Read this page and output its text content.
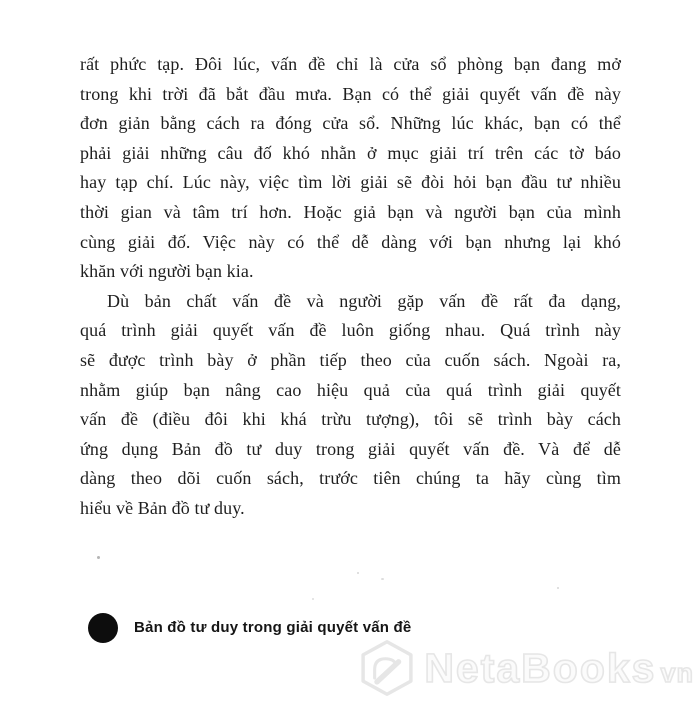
rất phức tạp. Đôi lúc, vấn đề chỉ là cửa sổ phòng bạn đang mở
trong khi trời đã bắt đầu mưa. Bạn có thể giải quyết vấn đề này
đơn giản bằng cách ra đóng cửa sổ. Những lúc khác, bạn có thể
phải giải những câu đố khó nhằn ở mục giải trí trên các tờ báo
hay tạp chí. Lúc này, việc tìm lời giải sẽ đòi hỏi bạn đầu tư nhiều
thời gian và tâm trí hơn. Hoặc giả bạn và người bạn của mình
cùng giải đố. Việc này có thể dễ dàng với bạn nhưng lại khó
khăn với người bạn kia.
Dù bản chất vấn đề và người gặp vấn đề rất đa dạng,
quá trình giải quyết vấn đề luôn giống nhau. Quá trình này
sẽ được trình bày ở phần tiếp theo của cuốn sách. Ngoài ra,
nhằm giúp bạn nâng cao hiệu quả của quá trình giải quyết
vấn đề (điều đôi khi khá trừu tượng), tôi sẽ trình bày cách
ứng dụng Bản đồ tư duy trong giải quyết vấn đề. Và để dễ
dàng theo dõi cuốn sách, trước tiên chúng ta hãy cùng tìm
hiểu về Bản đồ tư duy.
Bản đồ tư duy trong giải quyết vấn đề
NetaBooks vn
